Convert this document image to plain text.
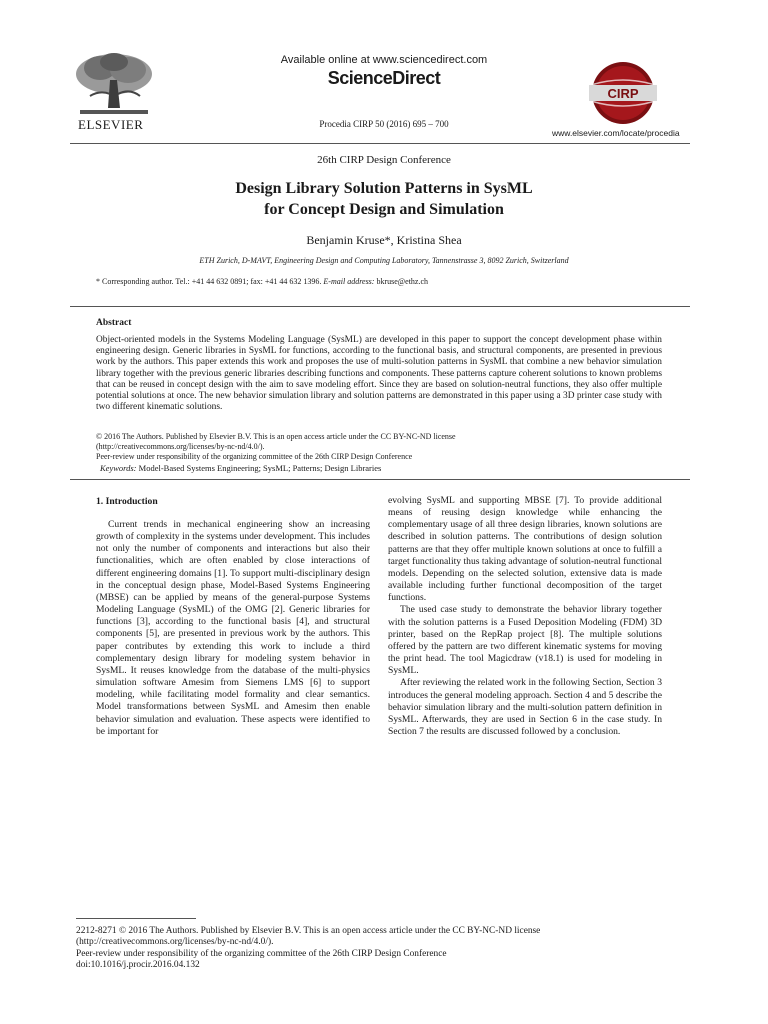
ELSEVIER
Available online at www.sciencedirect.com
ScienceDirect
Procedia CIRP 50 (2016) 695 – 700
CIRP
www.elsevier.com/locate/procedia
26th CIRP Design Conference
Design Library Solution Patterns in SysML
for Concept Design and Simulation
Benjamin Kruse*, Kristina Shea
ETH Zurich, D-MAVT, Engineering Design and Computing Laboratory, Tannenstrasse 3, 8092 Zurich, Switzerland
* Corresponding author. Tel.: +41 44 632 0891; fax: +41 44 632 1396. E-mail address: bkruse@ethz.ch
Abstract

Object-oriented models in the Systems Modeling Language (SysML) are developed in this paper to support the concept development phase within engineering design. Generic libraries in SysML for functions, according to the functional basis, and structural components, are presented in previous work by the authors. This paper extends this work and proposes the use of multi-solution patterns in SysML that combine a new behavior simulation library together with the previous generic libraries describing functions and components. These patterns capture coherent solutions to known problems that can be reused in concept design with the aim to save modeling effort. Since they are based on solution-neutral functions, they also offer multiple potential solutions at once. The new behavior simulation library and solution patterns are demonstrated in this paper using a 3D printer case study with two different kinematic solutions.

© 2016 The Authors. Published by Elsevier B.V. This is an open access article under the CC BY-NC-ND license
(http://creativecommons.org/licenses/by-nc-nd/4.0/).
Peer-review under responsibility of the organizing committee of the 26th CIRP Design Conference
Keywords: Model-Based Systems Engineering; SysML; Patterns; Design Libraries
1. Introduction

Current trends in mechanical engineering show an increasing growth of complexity in the systems under development. This includes not only the number of components and interactions but also their functionalities, which are often enabled by close interactions of different engineering domains [1]. To support multi-disciplinary design in the conceptual design phase, Model-Based Systems Engineering (MBSE) can be applied by means of the general-purpose Systems Modeling Language (SysML) of the OMG [2]. Generic libraries for functions [3], according to the functional basis [4], and structural components [5], are presented in previous work by the authors. This paper contributes by extending this work to include a third complementary design library for modeling system behavior in SysML. It reuses knowledge from the database of the multi-physics simulation software Amesim from Siemens LMS [6] to support modeling, while facilitating model formality and clear semantics. Model transformations between SysML and Amesim then enable behavior simulation and evaluation. These aspects were identified to be important for

evolving SysML and supporting MBSE [7]. To provide additional means of reusing design knowledge while enhancing the complementary usage of all three design libraries, known solutions are described in solution patterns. The contributions of design solution patterns are that they offer multiple known solutions at once to fulfill a target functionality thus taking advantage of solution-neutral functional models. Depending on the selected solution, extensive data is made available including further functional decomposition of the target functions.

The used case study to demonstrate the behavior library together with the solution patterns is a Fused Deposition Modeling (FDM) 3D printer, based on the RepRap project [8]. The multiple solutions offered by the pattern are two different kinematic systems for moving the print head. The tool Magicdraw (v18.1) is used for modeling in SysML.

After reviewing the related work in the following Section, Section 3 introduces the general modeling approach. Section 4 and 5 describe the behavior simulation library and the multi-solution pattern definition in SysML. Afterwards, they are used in Section 6 in the case study. In Section 7 the results are discussed followed by a conclusion.

2212-8271 © 2016 The Authors. Published by Elsevier B.V. This is an open access article under the CC BY-NC-ND license
(http://creativecommons.org/licenses/by-nc-nd/4.0/).
Peer-review under responsibility of the organizing committee of the 26th CIRP Design Conference
doi:10.1016/j.procir.2016.04.132
